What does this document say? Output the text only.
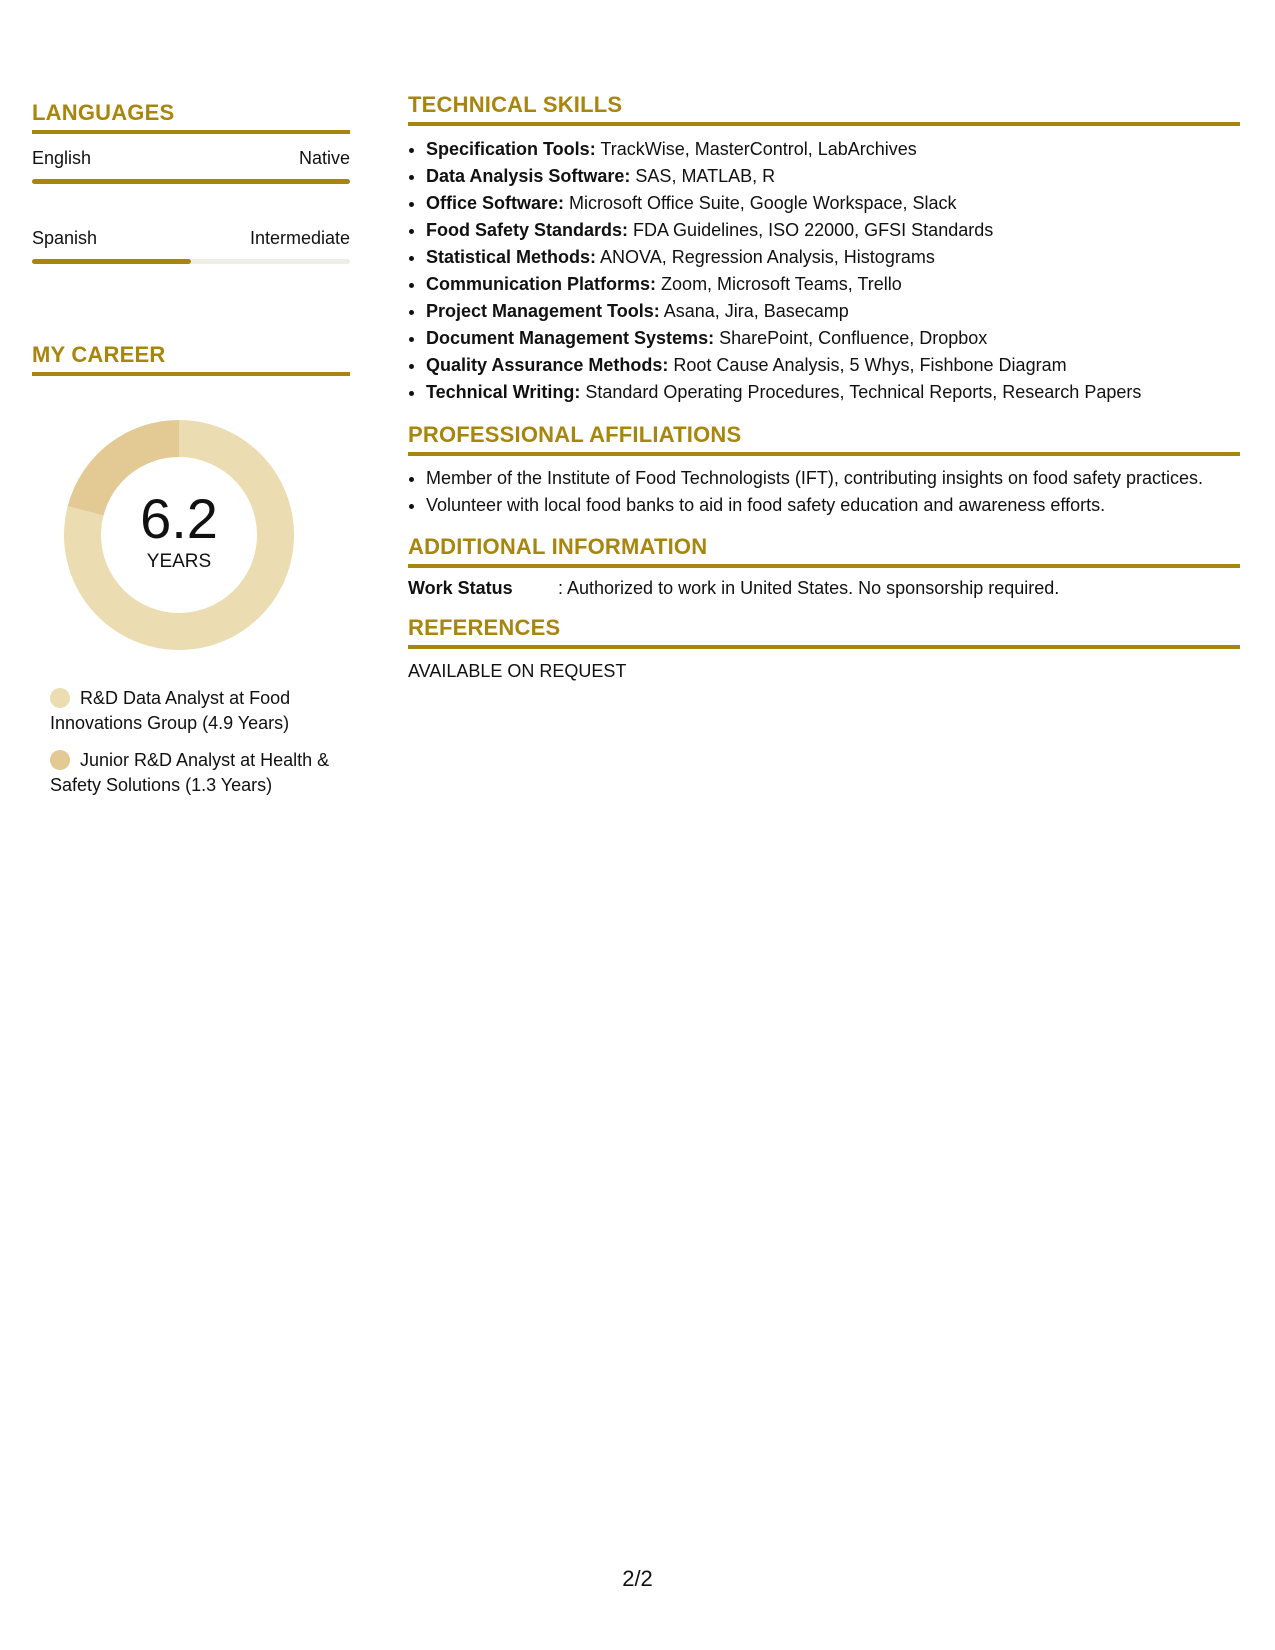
LANGUAGES
English	Native
Spanish	Intermediate
MY CAREER
6.2
YEARS
R&D Data Analyst at Food Innovations Group (4.9 Years)
Junior R&D Analyst at Health & Safety Solutions (1.3 Years)
TECHNICAL SKILLS
• Specification Tools: TrackWise, MasterControl, LabArchives
• Data Analysis Software: SAS, MATLAB, R
• Office Software: Microsoft Office Suite, Google Workspace, Slack
• Food Safety Standards: FDA Guidelines, ISO 22000, GFSI Standards
• Statistical Methods: ANOVA, Regression Analysis, Histograms
• Communication Platforms: Zoom, Microsoft Teams, Trello
• Project Management Tools: Asana, Jira, Basecamp
• Document Management Systems: SharePoint, Confluence, Dropbox
• Quality Assurance Methods: Root Cause Analysis, 5 Whys, Fishbone Diagram
• Technical Writing: Standard Operating Procedures, Technical Reports, Research Papers
PROFESSIONAL AFFILIATIONS
• Member of the Institute of Food Technologists (IFT), contributing insights on food safety practices.
• Volunteer with local food banks to aid in food safety education and awareness efforts.
ADDITIONAL INFORMATION
Work Status	: Authorized to work in United States. No sponsorship required.
REFERENCES
AVAILABLE ON REQUEST
2/2
